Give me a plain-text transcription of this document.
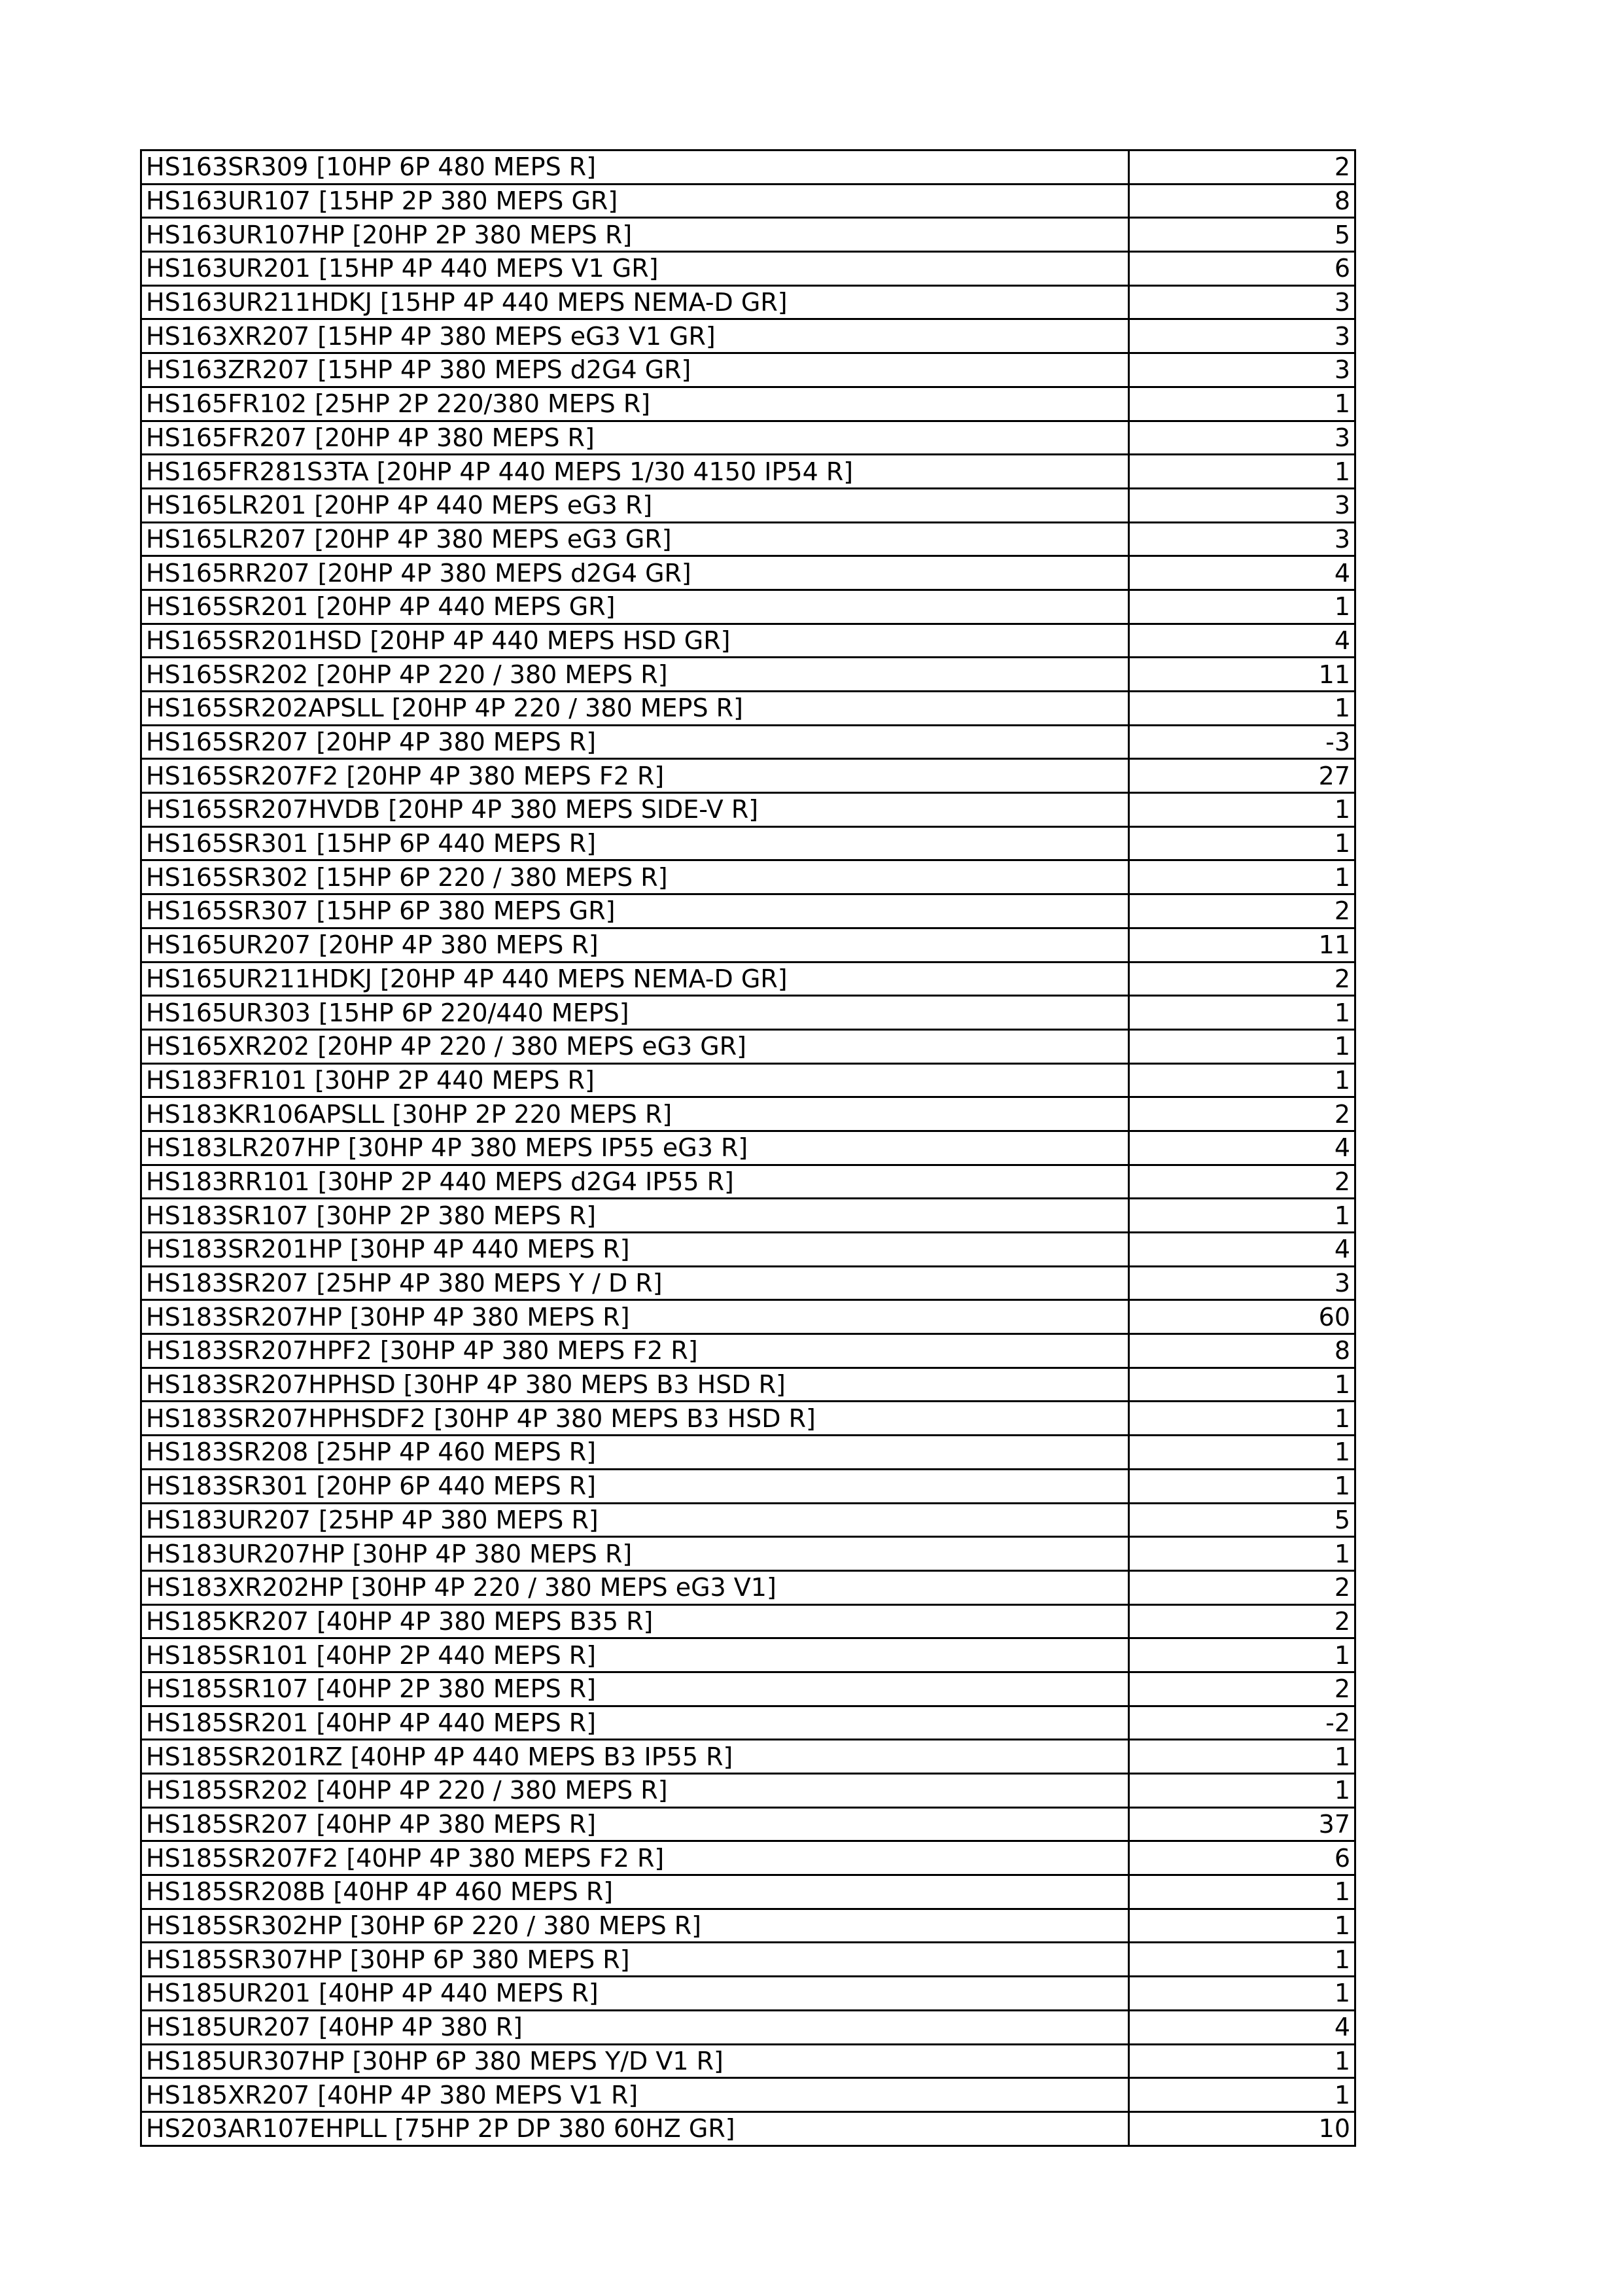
HS163SR309 [10HP 6P 480 MEPS R]	2
HS163UR107 [15HP 2P 380 MEPS GR]	8
HS163UR107HP [20HP 2P 380 MEPS R]	5
HS163UR201 [15HP 4P 440 MEPS V1 GR]	6
HS163UR211HDKJ [15HP 4P 440 MEPS NEMA-D GR]	3
HS163XR207 [15HP 4P 380 MEPS eG3 V1 GR]	3
HS163ZR207 [15HP 4P 380 MEPS d2G4 GR]	3
HS165FR102 [25HP 2P 220/380 MEPS R]	1
HS165FR207 [20HP 4P 380 MEPS R]	3
HS165FR281S3TA [20HP 4P 440 MEPS 1/30 4150 IP54 R]	1
HS165LR201 [20HP 4P 440 MEPS eG3 R]	3
HS165LR207 [20HP 4P 380 MEPS eG3 GR]	3
HS165RR207 [20HP 4P 380 MEPS d2G4 GR]	4
HS165SR201 [20HP 4P 440 MEPS GR]	1
HS165SR201HSD [20HP 4P 440 MEPS HSD GR]	4
HS165SR202 [20HP 4P 220 / 380 MEPS R]	11
HS165SR202APSLL [20HP 4P 220 / 380 MEPS R]	1
HS165SR207 [20HP 4P 380 MEPS R]	-3
HS165SR207F2 [20HP 4P 380 MEPS F2 R]	27
HS165SR207HVDB [20HP 4P 380 MEPS SIDE-V R]	1
HS165SR301 [15HP 6P 440 MEPS R]	1
HS165SR302 [15HP 6P 220 / 380 MEPS R]	1
HS165SR307 [15HP 6P 380 MEPS GR]	2
HS165UR207 [20HP 4P 380 MEPS R]	11
HS165UR211HDKJ [20HP 4P 440 MEPS NEMA-D GR]	2
HS165UR303 [15HP 6P 220/440 MEPS]	1
HS165XR202 [20HP 4P 220 / 380 MEPS eG3 GR]	1
HS183FR101 [30HP 2P 440 MEPS R]	1
HS183KR106APSLL [30HP 2P 220 MEPS R]	2
HS183LR207HP [30HP 4P 380 MEPS IP55 eG3 R]	4
HS183RR101 [30HP 2P 440 MEPS d2G4 IP55 R]	2
HS183SR107 [30HP 2P 380 MEPS R]	1
HS183SR201HP [30HP 4P 440 MEPS R]	4
HS183SR207 [25HP 4P 380 MEPS Y / D R]	3
HS183SR207HP [30HP 4P 380 MEPS R]	60
HS183SR207HPF2 [30HP 4P 380 MEPS F2 R]	8
HS183SR207HPHSD [30HP 4P 380 MEPS B3 HSD R]	1
HS183SR207HPHSDF2 [30HP 4P 380 MEPS B3 HSD R]	1
HS183SR208 [25HP 4P 460 MEPS R]	1
HS183SR301 [20HP 6P 440 MEPS R]	1
HS183UR207 [25HP 4P 380 MEPS R]	5
HS183UR207HP [30HP 4P 380 MEPS R]	1
HS183XR202HP [30HP 4P 220 / 380 MEPS eG3 V1]	2
HS185KR207 [40HP 4P 380 MEPS B35 R]	2
HS185SR101 [40HP 2P 440 MEPS R]	1
HS185SR107 [40HP 2P 380 MEPS R]	2
HS185SR201 [40HP 4P 440 MEPS R]	-2
HS185SR201RZ [40HP 4P 440 MEPS B3 IP55 R]	1
HS185SR202 [40HP 4P 220 / 380 MEPS R]	1
HS185SR207 [40HP 4P 380 MEPS R]	37
HS185SR207F2 [40HP 4P 380 MEPS F2 R]	6
HS185SR208B [40HP 4P 460 MEPS R]	1
HS185SR302HP [30HP 6P 220 / 380 MEPS R]	1
HS185SR307HP [30HP 6P 380 MEPS R]	1
HS185UR201 [40HP 4P 440 MEPS R]	1
HS185UR207 [40HP 4P 380 R]	4
HS185UR307HP [30HP 6P 380 MEPS Y/D V1 R]	1
HS185XR207 [40HP 4P 380 MEPS V1 R]	1
HS203AR107EHPLL [75HP 2P DP 380 60HZ GR]	10
